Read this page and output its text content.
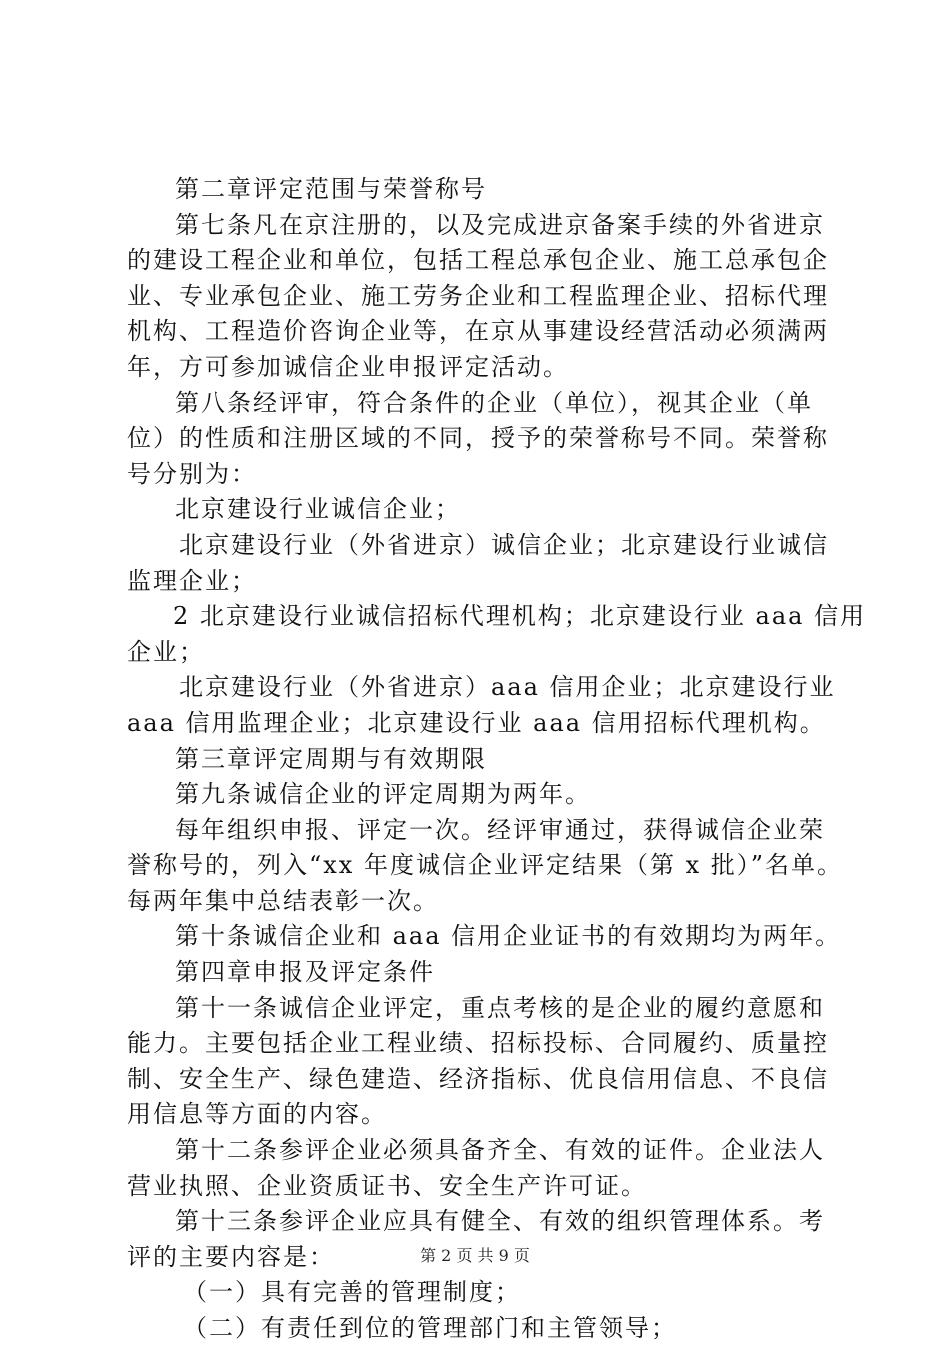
第二章评定范围与荣誉称号
第七条凡在京注册的，以及完成进京备案手续的外省进京
的建设工程企业和单位，包括工程总承包企业、施工总承包企
业、专业承包企业、施工劳务企业和工程监理企业、招标代理
机构、工程造价咨询企业等，在京从事建设经营活动必须满两
年，方可参加诚信企业申报评定活动。
第八条经评审，符合条件的企业（单位），视其企业（单
位）的性质和注册区域的不同，授予的荣誉称号不同。荣誉称
号分别为：
北京建设行业诚信企业；
北京建设行业（外省进京）诚信企业；北京建设行业诚信
监理企业；
2 北京建设行业诚信招标代理机构；北京建设行业 aaa 信用
企业；
北京建设行业（外省进京）aaa 信用企业；北京建设行业
aaa 信用监理企业；北京建设行业 aaa 信用招标代理机构。
第三章评定周期与有效期限
第九条诚信企业的评定周期为两年。
每年组织申报、评定一次。经评审通过，获得诚信企业荣
誉称号的，列入“xx 年度诚信企业评定结果（第 x 批）”名单。
每两年集中总结表彰一次。
第十条诚信企业和 aaa 信用企业证书的有效期均为两年。
第四章申报及评定条件
第十一条诚信企业评定，重点考核的是企业的履约意愿和
能力。主要包括企业工程业绩、招标投标、合同履约、质量控
制、安全生产、绿色建造、经济指标、优良信用信息、不良信
用信息等方面的内容。
第十二条参评企业必须具备齐全、有效的证件。企业法人
营业执照、企业资质证书、安全生产许可证。
第十三条参评企业应具有健全、有效的组织管理体系。考
评的主要内容是：
（一）具有完善的管理制度；
（二）有责任到位的管理部门和主管领导；
第 2 页 共 9 页
